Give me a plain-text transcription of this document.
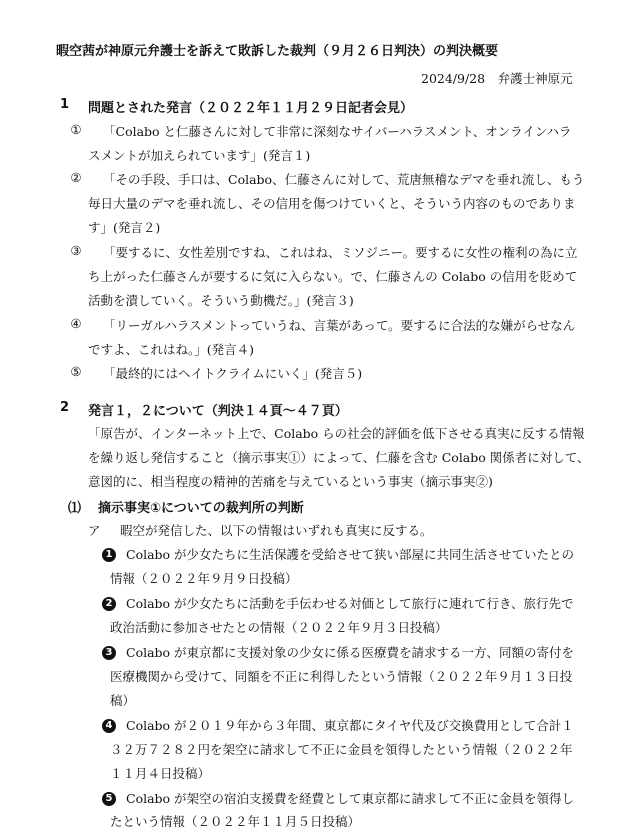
暇空茜が神原元弁護士を訴えて敗訴した裁判（９月２６日判決）の判決概要
2024/9/28　弁護士神原元
1 問題とされた発言（２０２２年１１月２９日記者会見）
① 「Colabo と仁藤さんに対して非常に深刻なサイバーハラスメント、オンラインハラ
スメントが加えられています」(発言１)
② 「その手段、手口は、Colabo、仁藤さんに対して、荒唐無稽なデマを垂れ流し、もう
毎日大量のデマを垂れ流し、その信用を傷つけていくと、そういう内容のものでありま
す」(発言２)
③ 「要するに、女性差別ですね、これはね、ミソジニー。要するに女性の権利の為に立
ち上がった仁藤さんが要するに気に入らない。で、仁藤さんの Colabo の信用を貶めて
活動を潰していく。そういう動機だ。」(発言３)
④ 「リーガルハラスメントっていうね、言葉があって。要するに合法的な嫌がらせなん
ですよ、これはね。」(発言４)
⑤ 「最終的にはヘイトクライムにいく」(発言５)
2 発言１，２について（判決１４頁～４７頁）
「原告が、インターネット上で、Colabo らの社会的評価を低下させる真実に反する情報
を繰り返し発信すること（摘示事実①）によって、仁藤を含む Colabo 関係者に対して、
意図的に、相当程度の精神的苦痛を与えているという事実（摘示事実②)
⑴ 摘示事実①についての裁判所の判断
ア 暇空が発信した、以下の情報はいずれも真実に反する。
1 Colabo が少女たちに生活保護を受給させて狭い部屋に共同生活させていたとの
情報（２０２２年９月９日投稿）
2 Colabo が少女たちに活動を手伝わせる対価として旅行に連れて行き、旅行先で
政治活動に参加させたとの情報（２０２２年９月３日投稿）
3 Colabo が東京都に支援対象の少女に係る医療費を請求する一方、同額の寄付を
医療機関から受けて、同額を不正に利得したという情報（２０２２年９月１３日投
稿）
4 Colabo が２０１９年から３年間、東京都にタイヤ代及び交換費用として合計１
３２万７２８２円を架空に請求して不正に金員を領得したという情報（２０２２年
１１月４日投稿）
5 Colabo が架空の宿泊支援費を経費として東京都に請求して不正に金員を領得し
たという情報（２０２２年１１月５日投稿）
